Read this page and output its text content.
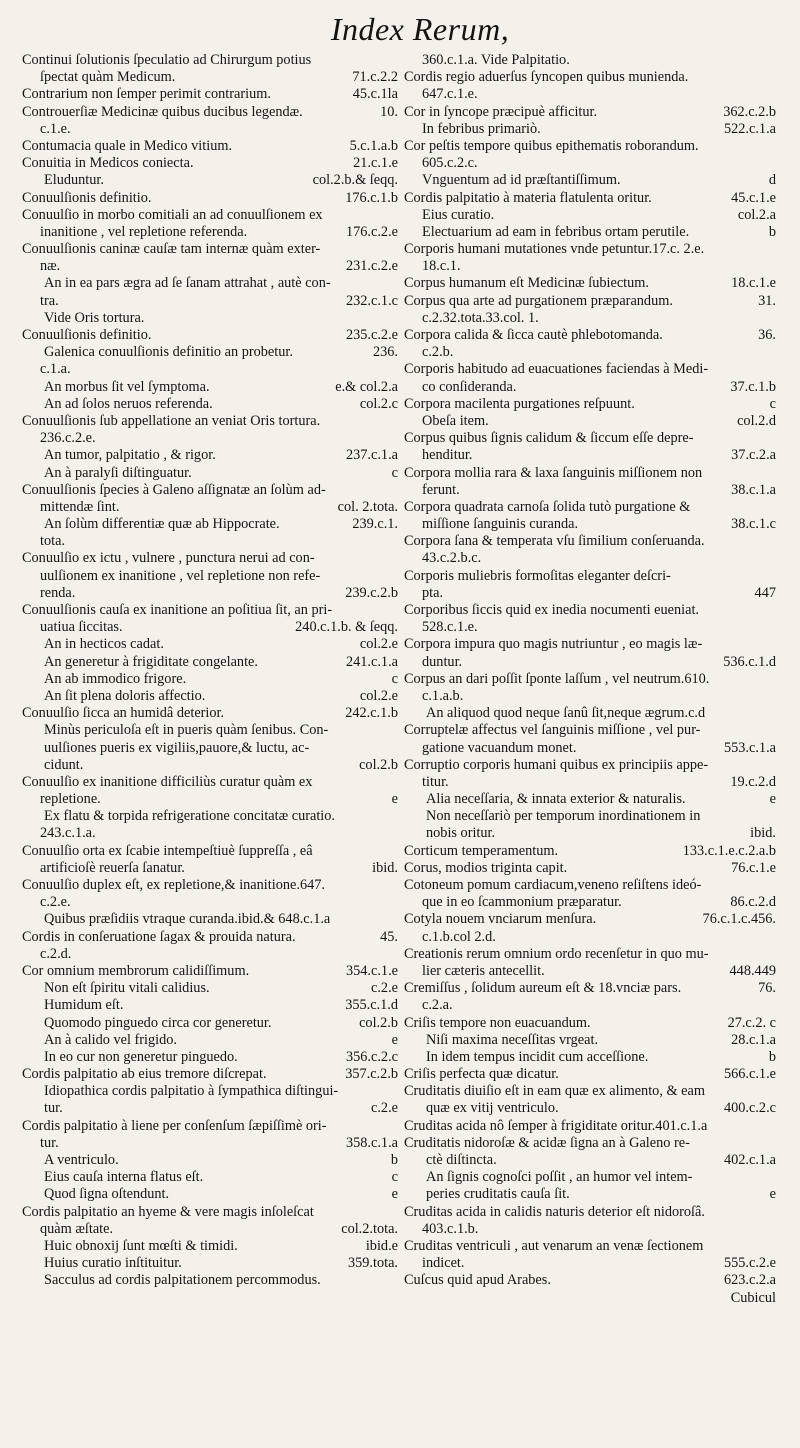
Index Rerum,
Continui ſolutionis ſpeculatio ad Chirurgum potius
ſpectat quàm Medicum.	71.c.2.2
Contrarium non ſemper perimit contrarium.	45.c.1la
Controuerſiæ Medicinæ quibus ducibus legendæ.	10.
c.1.e.
Contumacia quale in Medico vitium.	5.c.1.a.b
Conuitia in Medicos coniecta.	21.c.1.e
Eluduntur.	col.2.b.& ſeqq.
Conuulſionis definitio.	176.c.1.b
Conuulſio in morbo comitiali an ad conuulſionem ex
inanitione , vel repletione referenda.	176.c.2.e
Conuulſionis caninæ cauſæ tam internæ quàm exter-
næ.	231.c.2.e
An in ea pars ægra ad ſe ſanam attrahat , autè con-
tra.	232.c.1.c
Vide Oris tortura.
Conuulſionis definitio.	235.c.2.e
Galenica conuulſionis definitio an probetur.	236.
c.1.a.
An morbus ſit vel ſymptoma.	e.& col.2.a
An ad ſolos neruos referenda.	col.2.c
Conuulſionis ſub appellatione an veniat Oris tortura.
236.c.2.e.
An tumor, palpitatio , & rigor.	237.c.1.a
An à paralyſi diſtinguatur.	c
Conuulſionis ſpecies à Galeno aſſignatæ an ſolùm ad-
mittendæ ſint.	col. 2.tota.
An ſolùm differentiæ quæ ab Hippocrate.	239.c.1.
tota.
Conuulſio ex ictu , vulnere , punctura nerui ad con-
uulſionem ex inanitione , vel repletione non refe-
renda.	239.c.2.b
Conuulſionis cauſa ex inanitione an poſitiua ſit, an pri-
uatiua ſiccitas.	240.c.1.b. & ſeqq.
An in hecticos cadat.	col.2.e
An generetur à frigiditate congelante.	241.c.1.a
An ab immodico frigore.	c
An ſit plena doloris affectio.	col.2.e
Conuulſio ſicca an humidâ deterior.	242.c.1.b
Minùs periculoſa eſt in pueris quàm ſenibus. Con-
uulſiones pueris ex vigiliis,pauore,& luctu, ac-
cidunt.	col.2.b
Conuulſio ex inanitione difficiliùs curatur quàm ex
repletione.	e
Ex flatu & torpida refrigeratione concitatæ curatio.
243.c.1.a.
Conuulſio orta ex ſcabie intempeſtiuè ſuppreſſa , eâ
artificioſè reuerſa ſanatur.	ibid.
Conuulſio duplex eſt, ex repletione,& inanitione.647.
c.2.e.
Quibus præſidiis vtraque curanda.ibid.& 648.c.1.a
Cordis in conſeruatione ſagax & prouida natura.	45.
c.2.d.
Cor omnium membrorum calidiſſimum.	354.c.1.e
Non eſt ſpiritu vitali calidius.	c.2.e
Humidum eſt.	355.c.1.d
Quomodo pinguedo circa cor generetur.	col.2.b
An à calido vel frigido.	e
In eo cur non generetur pinguedo.	356.c.2.c
Cordis palpitatio ab eius tremore diſcrepat.	357.c.2.b
Idiopathica cordis palpitatio à ſympathica diſtingui-
tur.	c.2.e
Cordis palpitatio à liene per conſenſum ſæpiſſimè ori-
tur.	358.c.1.a
A ventriculo.	b
Eius cauſa interna flatus eſt.	c
Quod ſigna oſtendunt.	e
Cordis palpitatio an hyeme & vere magis inſoleſcat
quàm æſtate.	col.2.tota.
Huic obnoxij ſunt mœſti & timidi.	ibid.e
Huius curatio inſtituitur.	359.tota.
Sacculus ad cordis palpitationem percommodus.
360.c.1.a. Vide Palpitatio.
Cordis regio aduerſus ſyncopen quibus munienda.
647.c.1.e.
Cor in ſyncope præcipuè afficitur.	362.c.2.b
In febribus primariò.	522.c.1.a
Cor peſtis tempore quibus epithematis roborandum.
605.c.2.c.
Vnguentum ad id præſtantiſſimum.	d
Cordis palpitatio à materia flatulenta oritur.	45.c.1.e
Eius curatio.	col.2.a
Electuarium ad eam in febribus ortam perutile.	b
Corporis humani mutationes vnde petuntur.17.c. 2.e.
18.c.1.
Corpus humanum eſt Medicinæ ſubiectum.	18.c.1.e
Corpus qua arte ad purgationem præparandum.	31.
c.2.32.tota.33.col. 1.
Corpora calida & ſicca cautè phlebotomanda.	36.
c.2.b.
Corporis habitudo ad euacuationes faciendas à Medi-
co conſideranda.	37.c.1.b
Corpora macilenta purgationes reſpuunt.	c
Obeſa item.	col.2.d
Corpus quibus ſignis calidum & ſiccum eſſe depre-
henditur.	37.c.2.a
Corpora mollia rara & laxa ſanguinis miſſionem non
ferunt.	38.c.1.a
Corpora quadrata carnoſa ſolida tutò purgatione &
miſſione ſanguinis curanda.	38.c.1.c
Corpora ſana & temperata vſu ſimilium conſeruanda.
43.c.2.b.c.
Corporis muliebris formoſitas eleganter deſcri-
pta.	447
Corporibus ſiccis quid ex inedia nocumenti eueniat.
528.c.1.e.
Corpora impura quo magis nutriuntur , eo magis læ-
duntur.	536.c.1.d
Corpus an dari poſſit ſponte laſſum , vel neutrum.610.
c.1.a.b.
An aliquod quod neque ſanû ſit,neque ægrum.c.d
Corruptelæ affectus vel ſanguinis miſſione , vel pur-
gatione vacuandum monet.	553.c.1.a
Corruptio corporis humani quibus ex principiis appe-
titur.	19.c.2.d
Alia neceſſaria, & innata exterior & naturalis.	e
Non neceſſariò per temporum inordinationem in
nobis oritur.	ibid.
Corticum temperamentum.	133.c.1.e.c.2.a.b
Corus, modios triginta capit.	76.c.1.e
Cotoneum pomum cardiacum,veneno reſiſtens ideó-
que in eo ſcammonium præparatur.	86.c.2.d
Cotyla nouem vnciarum menſura.	76.c.1.c.456.
c.1.b.col 2.d.
Creationis rerum omnium ordo recenſetur in quo mu-
lier cæteris antecellit.	448.449
Cremiſſus , ſolidum aureum eſt & 18.vnciæ pars.	76.
c.2.a.
Criſis tempore non euacuandum.	27.c.2. c
Niſi maxima neceſſitas vrgeat.	28.c.1.a
In idem tempus incidit cum acceſſione.	b
Criſis perfecta quæ dicatur.	566.c.1.e
Cruditatis diuiſio eſt in eam quæ ex alimento, & eam
quæ ex vitij ventriculo.	400.c.2.c
Cruditas acida nô ſemper à frigiditate oritur.401.c.1.a
Cruditatis nidoroſæ & acidæ ſigna an à Galeno re-
ctè diſtincta.	402.c.1.a
An ſignis cognoſci poſſit , an humor vel intem-
peries cruditatis cauſa ſit.	e
Cruditas acida in calidis naturis deterior eſt nidoroſâ.
403.c.1.b.
Cruditas ventriculi , aut venarum an venæ ſectionem
indicet.	555.c.2.e
Cuſcus quid apud Arabes.	623.c.2.a
Cubicul
